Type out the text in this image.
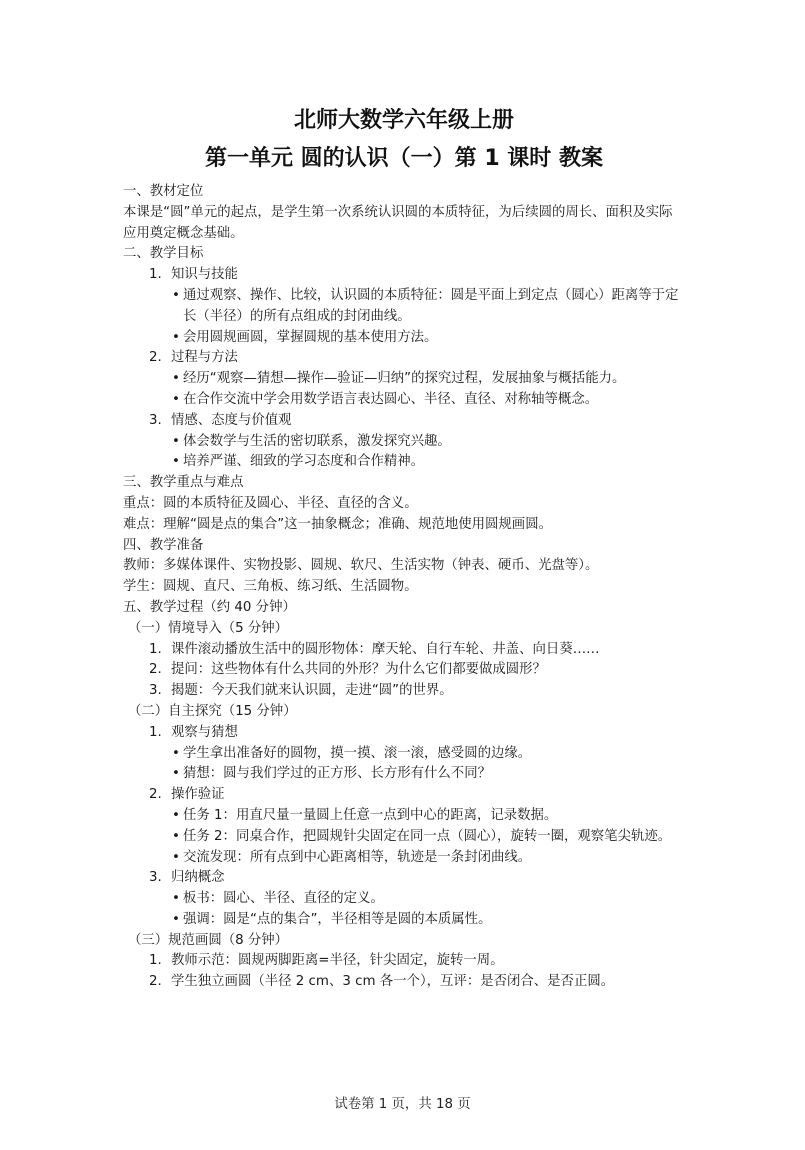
北师大数学六年级上册
第一单元 圆的认识（一）第 1 课时 教案

一、教材定位

本课是“圆”单元的起点，是学生第一次系统认识圆的本质特征，为后续圆的周长、面积及实际应用奠定概念基础。

二、教学目标

1. 知识与技能

• 通过观察、操作、比较，认识圆的本质特征：圆是平面上到定点（圆心）距离等于定长（半径）的所有点组成的封闭曲线。

• 会用圆规画圆，掌握圆规的基本使用方法。

2. 过程与方法

• 经历“观察—猜想—操作—验证—归纳”的探究过程，发展抽象与概括能力。

• 在合作交流中学会用数学语言表达圆心、半径、直径、对称轴等概念。

3. 情感、态度与价值观

• 体会数学与生活的密切联系，激发探究兴趣。

• 培养严谨、细致的学习态度和合作精神。

三、教学重点与难点

重点：圆的本质特征及圆心、半径、直径的含义。

难点：理解“圆是点的集合”这一抽象概念；准确、规范地使用圆规画圆。

四、教学准备

教师：多媒体课件、实物投影、圆规、软尺、生活实物（钟表、硬币、光盘等）。

学生：圆规、直尺、三角板、练习纸、生活圆物。

五、教学过程（约 40 分钟）

（一）情境导入（5 分钟）

1. 课件滚动播放生活中的圆形物体：摩天轮、自行车轮、井盖、向日葵……

2. 提问：这些物体有什么共同的外形？为什么它们都要做成圆形？

3. 揭题：今天我们就来认识圆，走进“圆”的世界。

（二）自主探究（15 分钟）

1. 观察与猜想

• 学生拿出准备好的圆物，摸一摸、滚一滚，感受圆的边缘。

• 猜想：圆与我们学过的正方形、长方形有什么不同？

2. 操作验证

• 任务 1：用直尺量一量圆上任意一点到中心的距离，记录数据。

• 任务 2：同桌合作，把圆规针尖固定在同一点（圆心），旋转一圈，观察笔尖轨迹。

• 交流发现：所有点到中心距离相等，轨迹是一条封闭曲线。

3. 归纳概念

• 板书：圆心、半径、直径的定义。

• 强调：圆是“点的集合”，半径相等是圆的本质属性。

（三）规范画圆（8 分钟）

1. 教师示范：圆规两脚距离=半径，针尖固定，旋转一周。

2. 学生独立画圆（半径 2 cm、3 cm 各一个），互评：是否闭合、是否正圆。

试卷第 1 页，共 18 页
